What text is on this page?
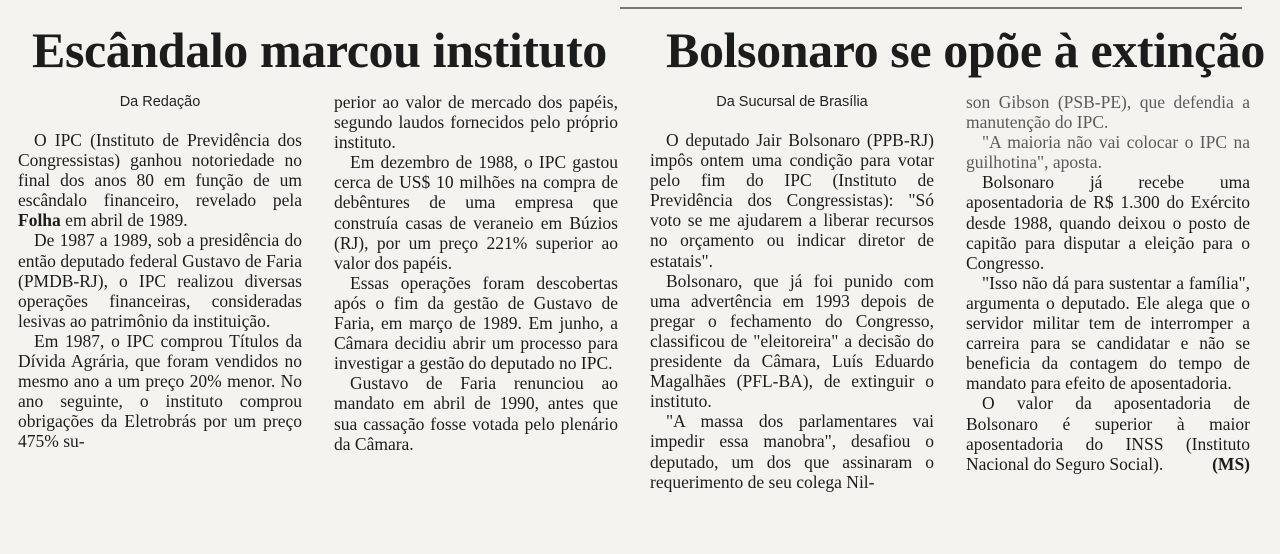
Escândalo marcou instituto
Da Redação

O IPC (Instituto de Previdência dos Congressistas) ganhou notoriedade no final dos anos 80 em função de um escândalo financeiro, revelado pela Folha em abril de 1989.

De 1987 a 1989, sob a presidência do então deputado federal Gustavo de Faria (PMDB-RJ), o IPC realizou diversas operações financeiras, consideradas lesivas ao patrimônio da instituição.

Em 1987, o IPC comprou Títulos da Dívida Agrária, que foram vendidos no mesmo ano a um preço 20% menor. No ano seguinte, o instituto comprou obrigações da Eletrobrás por um preço 475% su-

perior ao valor de mercado dos papéis, segundo laudos fornecidos pelo próprio instituto.

Em dezembro de 1988, o IPC gastou cerca de US$ 10 milhões na compra de debêntures de uma empresa que construía casas de veraneio em Búzios (RJ), por um preço 221% superior ao valor dos papéis.

Essas operações foram descobertas após o fim da gestão de Gustavo de Faria, em março de 1989. Em junho, a Câmara decidiu abrir um processo para investigar a gestão do deputado no IPC.

Gustavo de Faria renunciou ao mandato em abril de 1990, antes que sua cassação fosse votada pelo plenário da Câmara.

Bolsonaro se opõe à extinção
Da Sucursal de Brasília

O deputado Jair Bolsonaro (PPB-RJ) impôs ontem uma condição para votar pelo fim do IPC (Instituto de Previdência dos Congressistas): "Só voto se me ajudarem a liberar recursos no orçamento ou indicar diretor de estatais".

Bolsonaro, que já foi punido com uma advertência em 1993 depois de pregar o fechamento do Congresso, classificou de "eleitoreira" a decisão do presidente da Câmara, Luís Eduardo Magalhães (PFL-BA), de extinguir o instituto.

"A massa dos parlamentares vai impedir essa manobra", desafiou o deputado, um dos que assinaram o requerimento de seu colega Nil-

son Gibson (PSB-PE), que defendia a manutenção do IPC.

"A maioria não vai colocar o IPC na guilhotina", aposta.

Bolsonaro já recebe uma aposentadoria de R$ 1.300 do Exército desde 1988, quando deixou o posto de capitão para disputar a eleição para o Congresso.

"Isso não dá para sustentar a família", argumenta o deputado. Ele alega que o servidor militar tem de interromper a carreira para se candidatar e não se beneficia da contagem do tempo de mandato para efeito de aposentadoria.

O valor da aposentadoria de Bolsonaro é superior à maior aposentadoria do INSS (Instituto Nacional do Seguro Social).	(MS)
